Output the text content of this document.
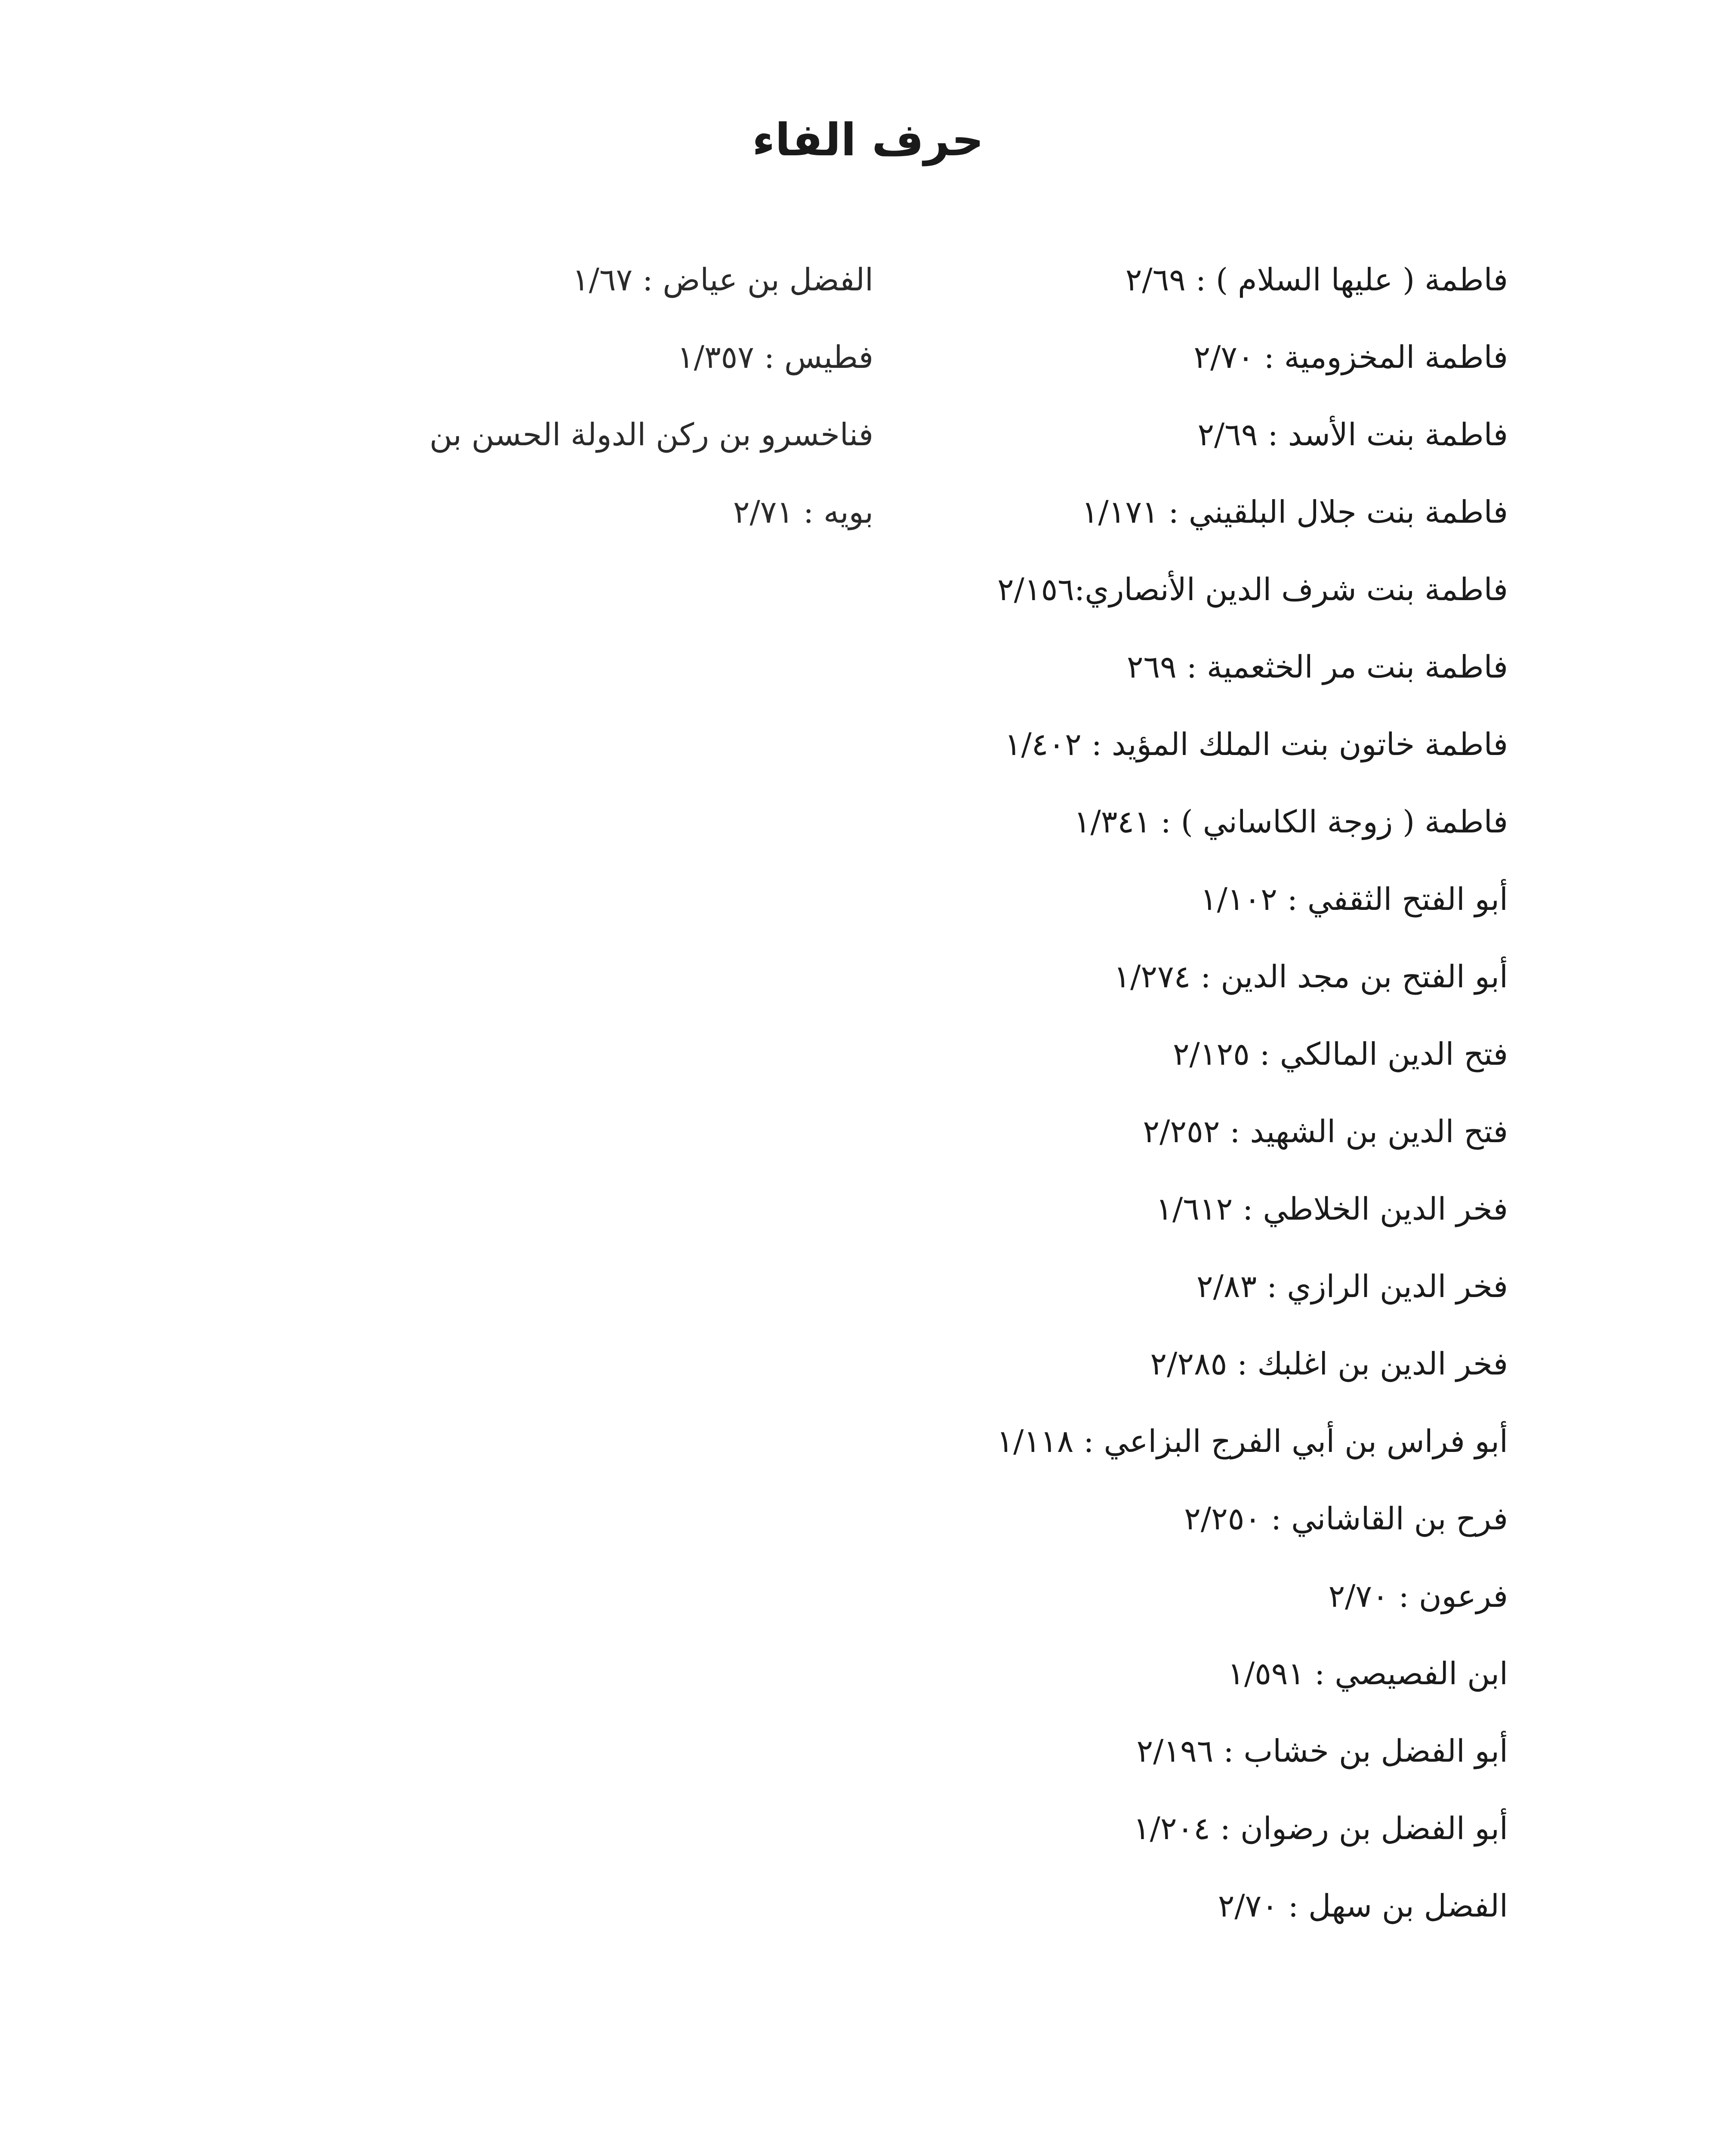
حرف الفاء
فاطمة ( عليها السلام ) : ٢/٦٩
فاطمة المخزومية : ٢/٧٠
فاطمة بنت الأسد : ٢/٦٩
فاطمة بنت جلال البلقيني : ١/١٧١
فاطمة بنت شرف الدين الأنصاري:٢/١٥٦
فاطمة بنت مر الخثعمية : ٢٦٩
فاطمة خاتون بنت الملك المؤيد : ١/٤٠٢
فاطمة ( زوجة الكاساني ) : ١/٣٤١
أبو الفتح الثقفي : ١/١٠٢
أبو الفتح بن مجد الدين : ١/٢٧٤
فتح الدين المالكي : ٢/١٢٥
فتح الدين بن الشهيد : ٢/٢٥٢
فخر الدين الخلاطي : ١/٦١٢
فخر الدين الرازي : ٢/٨٣
فخر الدين بن اغلبك : ٢/٢٨٥
أبو فراس بن أبي الفرج البزاعي : ١/١١٨
فرح بن القاشاني : ٢/٢٥٠
فرعون : ٢/٧٠
ابن الفصيصي : ١/٥٩١
أبو الفضل بن خشاب : ٢/١٩٦
أبو الفضل بن رضوان : ١/٢٠٤
الفضل بن سهل : ٢/٧٠
الفضل بن عياض : ١/٦٧
فطيس : ١/٣٥٧
فناخسرو بن ركن الدولة الحسن بن
بويه : ٢/٧١
